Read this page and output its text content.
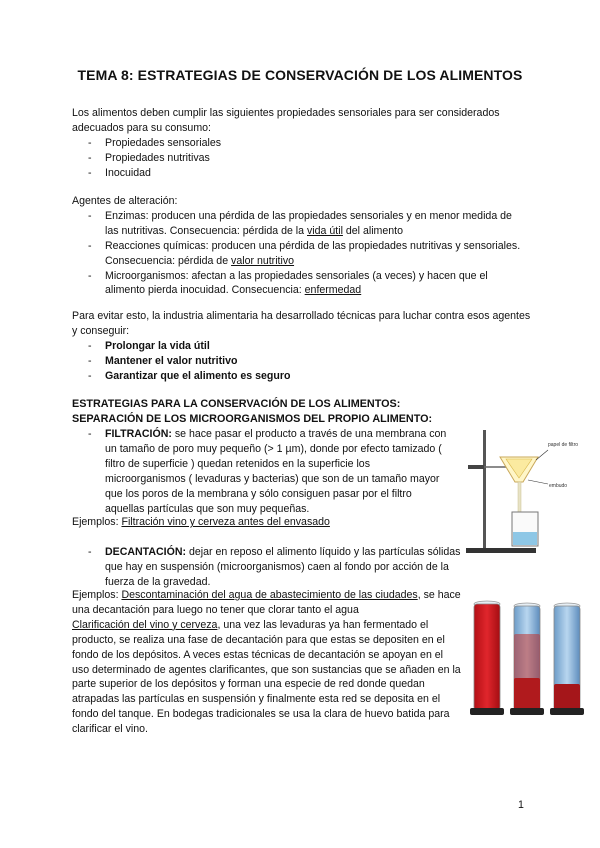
TEMA 8: ESTRATEGIAS DE CONSERVACIÓN DE LOS ALIMENTOS

Los alimentos deben cumplir las siguientes propiedades sensoriales para ser considerados adecuados para su consumo:

- Propiedades sensoriales
- Propiedades nutritivas
- Inocuidad

Agentes de alteración:

- Enzimas: producen una pérdida de las propiedades sensoriales y en menor medida de las nutritivas. Consecuencia: pérdida de la vida útil del alimento
- Reacciones químicas: producen una pérdida de las propiedades nutritivas y sensoriales. Consecuencia: pérdida de valor nutritivo
- Microorganismos: afectan a las propiedades sensoriales (a veces) y hacen que el alimento pierda inocuidad. Consecuencia: enfermedad

Para evitar esto, la industria alimentaria ha desarrollado técnicas para luchar contra esos agentes y conseguir:

- Prolongar la vida útil
- Mantener el valor nutritivo
- Garantizar que el alimento es seguro

ESTRATEGIAS PARA LA CONSERVACIÓN DE LOS ALIMENTOS:

SEPARACIÓN DE LOS MICROORGANISMOS DEL PROPIO ALIMENTO:

- FILTRACIÓN: se hace pasar el producto a través de una membrana con un tamaño de poro muy pequeño (> 1 µm), donde por efecto tamizado ( filtro de superficie ) quedan retenidos en la superficie los microorganismos ( levaduras y bacterias) que son de un tamaño mayor que los poros de la membrana y sólo consiguen pasar por el filtro aquellas partículas que son muy pequeñas.
Ejemplos: Filtración vino y cerveza antes del envasado
papel de filtro
embudo
- DECANTACIÓN: dejar en reposo el alimento líquido y las partículas sólidas que hay en suspensión (microorganismos) caen al fondo por acción de la fuerza de la gravedad.
Ejemplos: Descontaminación del agua de abastecimiento de las ciudades, se hace una decantación para luego no tener que clorar tanto el agua
Clarificación del vino y cerveza, una vez las levaduras ya han fermentado el producto, se realiza una fase de decantación para que estas se depositen en el fondo de los depósitos. A veces estas técnicas de decantación se apoyan en el uso determinado de agentes clarificantes, que son sustancias que se añaden en la parte superior de los depósitos y forman una especie de red donde quedan atrapadas las partículas en suspensión y finalmente esta red se deposita en el fondo del tanque. En bodegas tradicionales se usa la clara de huevo batida para clarificar el vino.
1
